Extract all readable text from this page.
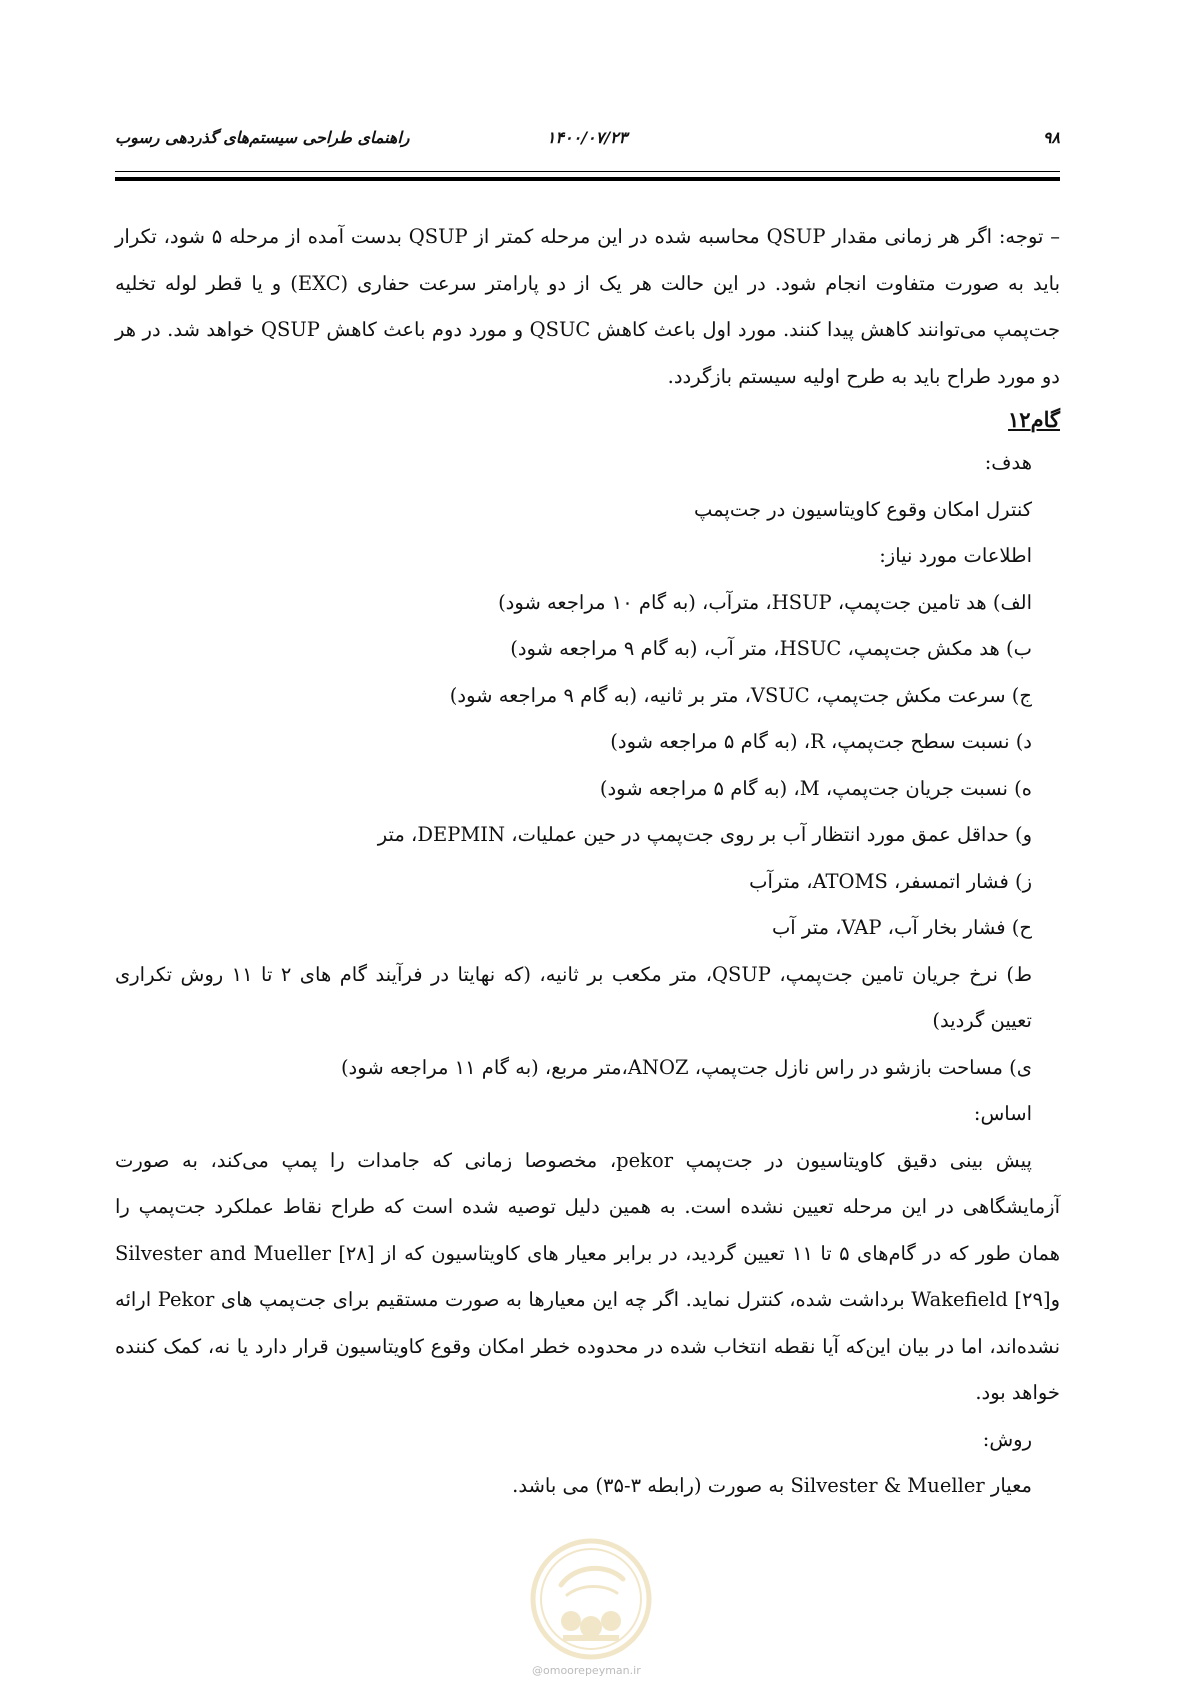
۹۸
۱۴۰۰/۰۷/۲۳
راهنمای طراحی سیستم‌های گذردهی رسوب

– توجه: اگر هر زمانی مقدار QSUP محاسبه شده در این مرحله کمتر از QSUP بدست آمده از مرحله ۵ شود، تکرار باید به صورت متفاوت انجام شود. در این حالت هر یک از دو پارامتر سرعت حفاری (EXC) و یا قطر لوله تخلیه جت‌پمپ می‌توانند کاهش پیدا کنند. مورد اول باعث کاهش QSUC و مورد دوم باعث کاهش QSUP خواهد شد. در هر دو مورد طراح باید به طرح اولیه سیستم بازگردد.

گام۱۲

هدف:

کنترل امکان وقوع کاویتاسیون در جت‌پمپ

اطلاعات مورد نیاز:

الف) هد تامین جت‌پمپ، HSUP، مترآب، (به گام ۱۰ مراجعه شود)

ب) هد مکش جت‌پمپ، HSUC، متر آب، (به گام ۹ مراجعه شود)

ج) سرعت مکش جت‌پمپ، VSUC، متر بر ثانیه، (به گام ۹ مراجعه شود)

د) نسبت سطح جت‌پمپ، R، (به گام ۵ مراجعه شود)

ه) نسبت جریان جت‌پمپ، M، (به گام ۵ مراجعه شود)

و) حداقل عمق مورد انتظار آب بر روی جت‌پمپ در حین عملیات، DEPMIN، متر

ز) فشار اتمسفر، ATOMS، مترآب

ح) فشار بخار آب، VAP، متر آب

ط) نرخ جریان تامین جت‌پمپ، QSUP، متر مکعب بر ثانیه، (که نهایتا در فرآیند گام های ۲ تا ۱۱ روش تکراری تعیین گردید)

ی) مساحت بازشو در راس نازل جت‌پمپ، ANOZ،متر مربع، (به گام ۱۱ مراجعه شود)

اساس:

پیش بینی دقیق کاویتاسیون در جت‌پمپ pekor، مخصوصا زمانی که جامدات را پمپ می‌کند، به صورت آزمایشگاهی در این مرحله تعیین نشده است. به همین دلیل توصیه شده است که طراح نقاط عملکرد جت‌پمپ را همان طور که در گام‌های ۵ تا ۱۱ تعیین گردید، در برابر معیار های کاویتاسیون که از Silvester and Mueller [۲۸] وWakefield [۲۹] برداشت شده، کنترل نماید. اگر چه این معیارها به صورت مستقیم برای جت‌پمپ های Pekor ارائه نشده‌اند، اما در بیان این‌که آیا نقطه انتخاب شده در محدوده خطر امکان وقوع کاویتاسیون قرار دارد یا نه، کمک کننده خواهد بود.

روش:

معیار Silvester & Mueller به صورت (رابطه ۳-۳۵) می باشد.

@omoorepeyman.ir
